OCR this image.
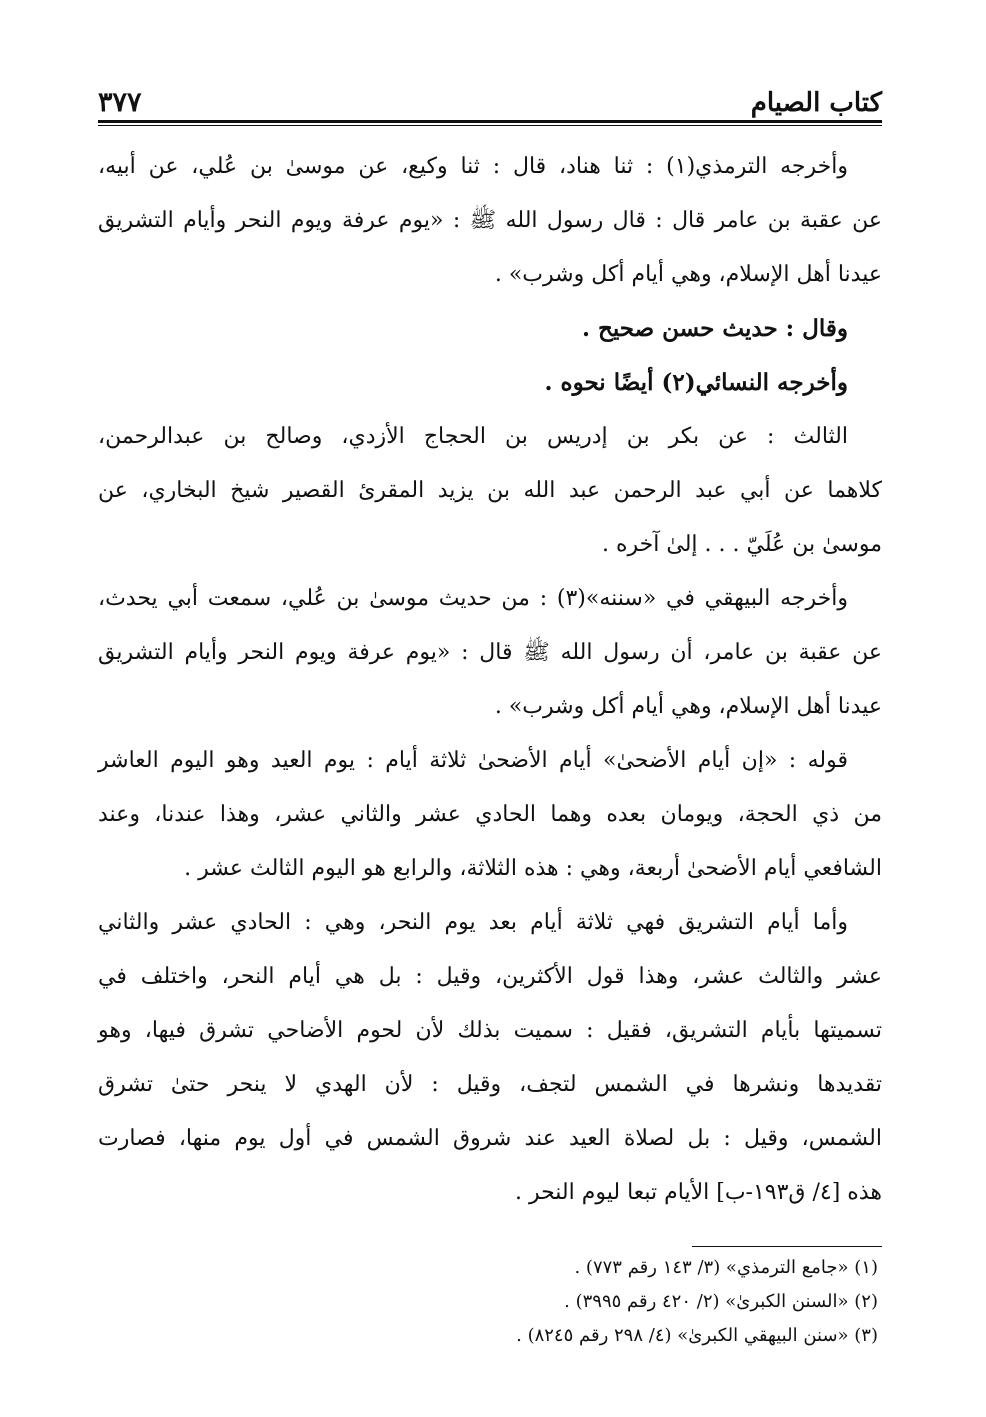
كتاب الصيام
٣٧٧
وأخرجه الترمذي(١) : ثنا هناد، قال : ثنا وكيع، عن موسىٰ بن عُلي، عن أبيه،
عن عقبة بن عامر قال : قال رسول الله ﷺ : «يوم عرفة ويوم النحر وأيام التشريق
عيدنا أهل الإسلام، وهي أيام أكل وشرب» .
وقال : حديث حسن صحيح .
وأخرجه النسائي(٢) أيضًا نحوه .
الثالث : عن بكر بن إدريس بن الحجاج الأزدي، وصالح بن عبدالرحمن،
كلاهما عن أبي عبد الرحمن عبد الله بن يزيد المقرئ القصير شيخ البخاري، عن
موسىٰ بن عُلَيّ . . . إلىٰ آخره .
وأخرجه البيهقي في «سننه»(٣) : من حديث موسىٰ بن عُلي، سمعت أبي يحدث،
عن عقبة بن عامر، أن رسول الله ﷺ قال : «يوم عرفة ويوم النحر وأيام التشريق
عيدنا أهل الإسلام، وهي أيام أكل وشرب» .
قوله : «إن أيام الأضحىٰ» أيام الأضحىٰ ثلاثة أيام : يوم العيد وهو اليوم العاشر
من ذي الحجة، ويومان بعده وهما الحادي عشر والثاني عشر، وهذا عندنا، وعند
الشافعي أيام الأضحىٰ أربعة، وهي : هذه الثلاثة، والرابع هو اليوم الثالث عشر .
وأما أيام التشريق فهي ثلاثة أيام بعد يوم النحر، وهي : الحادي عشر والثاني
عشر والثالث عشر، وهذا قول الأكثرين، وقيل : بل هي أيام النحر، واختلف في
تسميتها بأيام التشريق، فقيل : سميت بذلك لأن لحوم الأضاحي تشرق فيها، وهو
تقديدها ونشرها في الشمس لتجف، وقيل : لأن الهدي لا ينحر حتىٰ تشرق
الشمس، وقيل : بل لصلاة العيد عند شروق الشمس في أول يوم منها، فصارت
هذه [٤/ ق١٩٣-ب] الأيام تبعا ليوم النحر .
(١) «جامع الترمذي» (٣/ ١٤٣ رقم ٧٧٣) .
(٢) «السنن الكبرىٰ» (٢/ ٤٢٠ رقم ٣٩٩٥) .
(٣) «سنن البيهقي الكبرىٰ» (٤/ ٢٩٨ رقم ٨٢٤٥) .
